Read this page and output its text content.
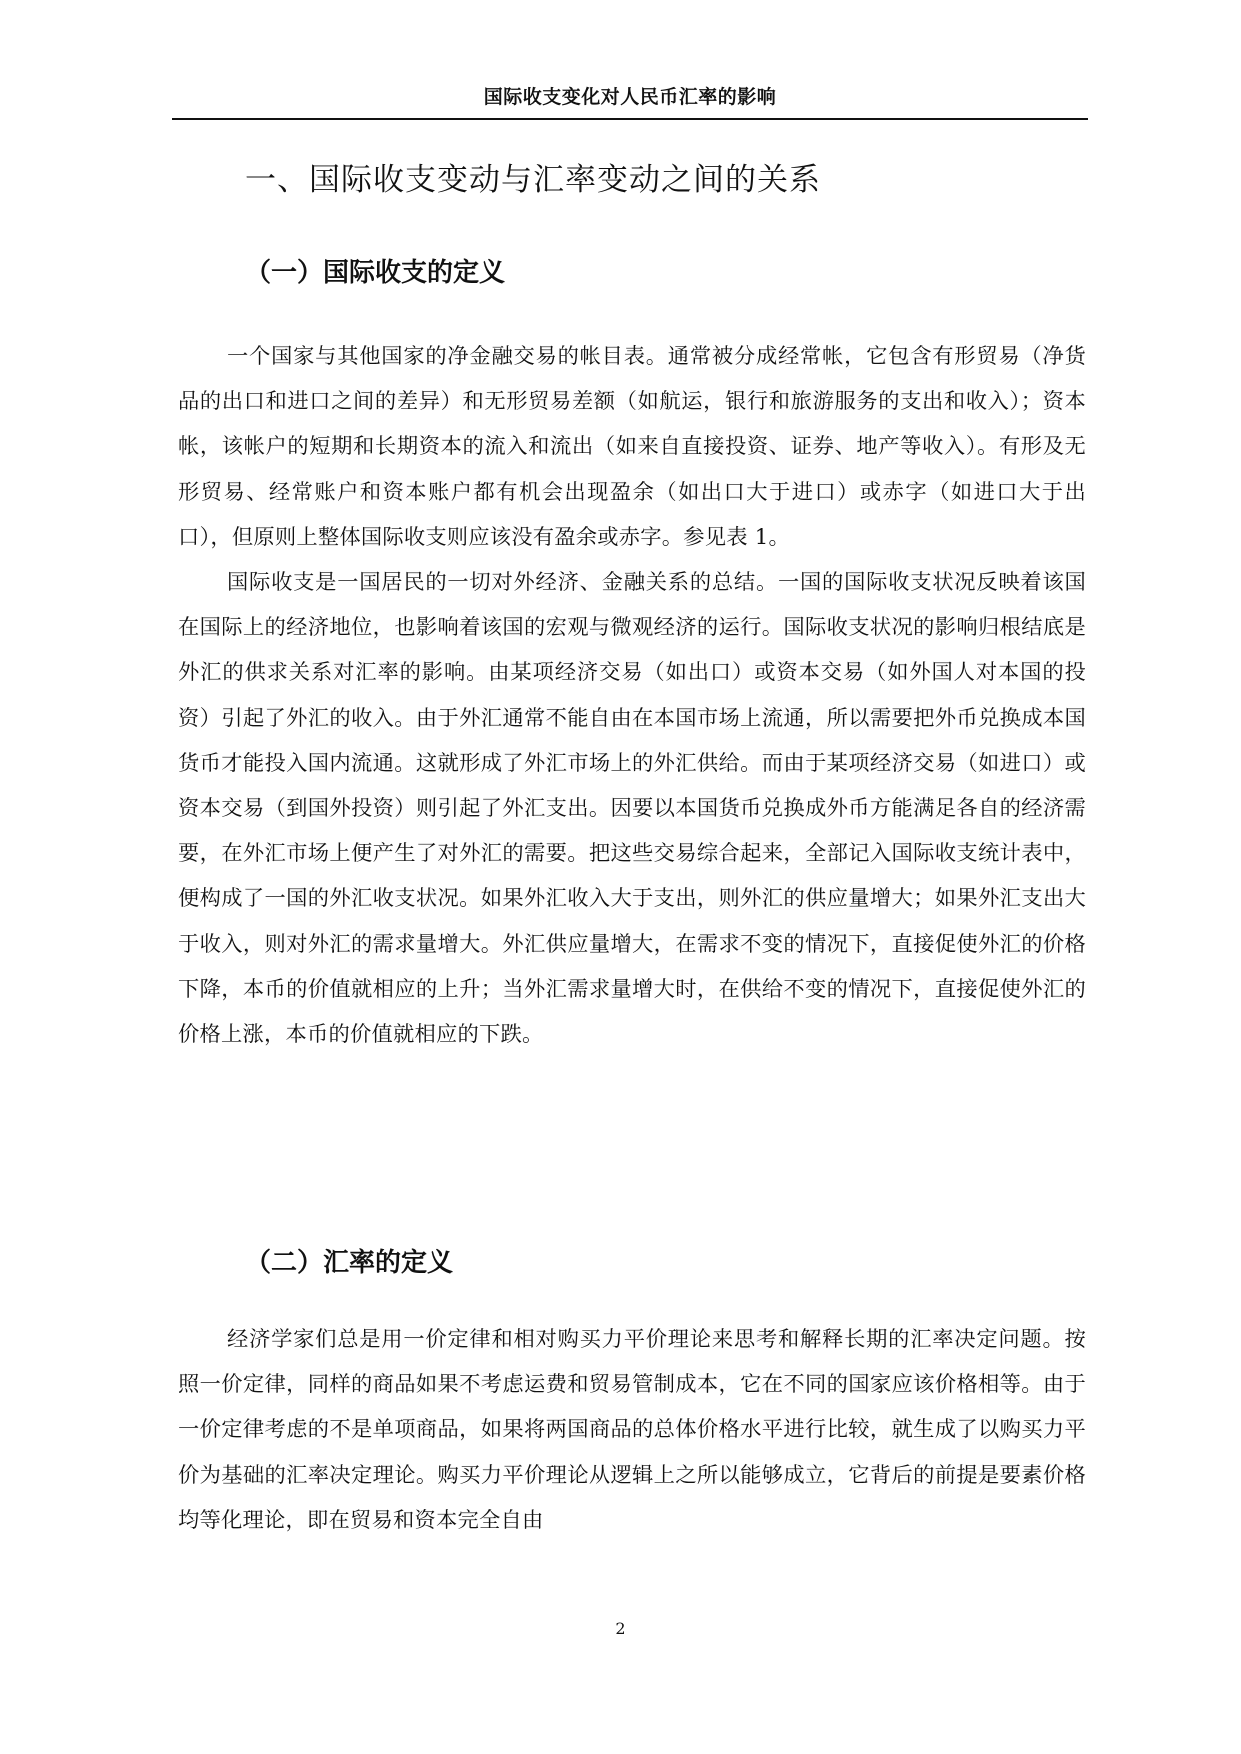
国际收支变化对人民币汇率的影响
一、国际收支变动与汇率变动之间的关系
（一）国际收支的定义

一个国家与其他国家的净金融交易的帐目表。通常被分成经常帐，它包含有形贸易（净货品的出口和进口之间的差异）和无形贸易差额（如航运，银行和旅游服务的支出和收入）；资本帐，该帐户的短期和长期资本的流入和流出（如来自直接投资、证券、地产等收入）。有形及无形贸易、经常账户和资本账户都有机会出现盈余（如出口大于进口）或赤字（如进口大于出口），但原则上整体国际收支则应该没有盈余或赤字。参见表 1。

国际收支是一国居民的一切对外经济、金融关系的总结。一国的国际收支状况反映着该国在国际上的经济地位，也影响着该国的宏观与微观经济的运行。国际收支状况的影响归根结底是外汇的供求关系对汇率的影响。由某项经济交易（如出口）或资本交易（如外国人对本国的投资）引起了外汇的收入。由于外汇通常不能自由在本国市场上流通，所以需要把外币兑换成本国货币才能投入国内流通。这就形成了外汇市场上的外汇供给。而由于某项经济交易（如进口）或资本交易（到国外投资）则引起了外汇支出。因要以本国货币兑换成外币方能满足各自的经济需要，在外汇市场上便产生了对外汇的需要。把这些交易综合起来，全部记入国际收支统计表中，便构成了一国的外汇收支状况。如果外汇收入大于支出，则外汇的供应量增大；如果外汇支出大于收入，则对外汇的需求量增大。外汇供应量增大，在需求不变的情况下，直接促使外汇的价格下降，本币的价值就相应的上升；当外汇需求量增大时，在供给不变的情况下，直接促使外汇的价格上涨，本币的价值就相应的下跌。

（二）汇率的定义

经济学家们总是用一价定律和相对购买力平价理论来思考和解释长期的汇率决定问题。按照一价定律，同样的商品如果不考虑运费和贸易管制成本，它在不同的国家应该价格相等。由于一价定律考虑的不是单项商品，如果将两国商品的总体价格水平进行比较，就生成了以购买力平价为基础的汇率决定理论。购买力平价理论从逻辑上之所以能够成立，它背后的前提是要素价格均等化理论，即在贸易和资本完全自由

2
